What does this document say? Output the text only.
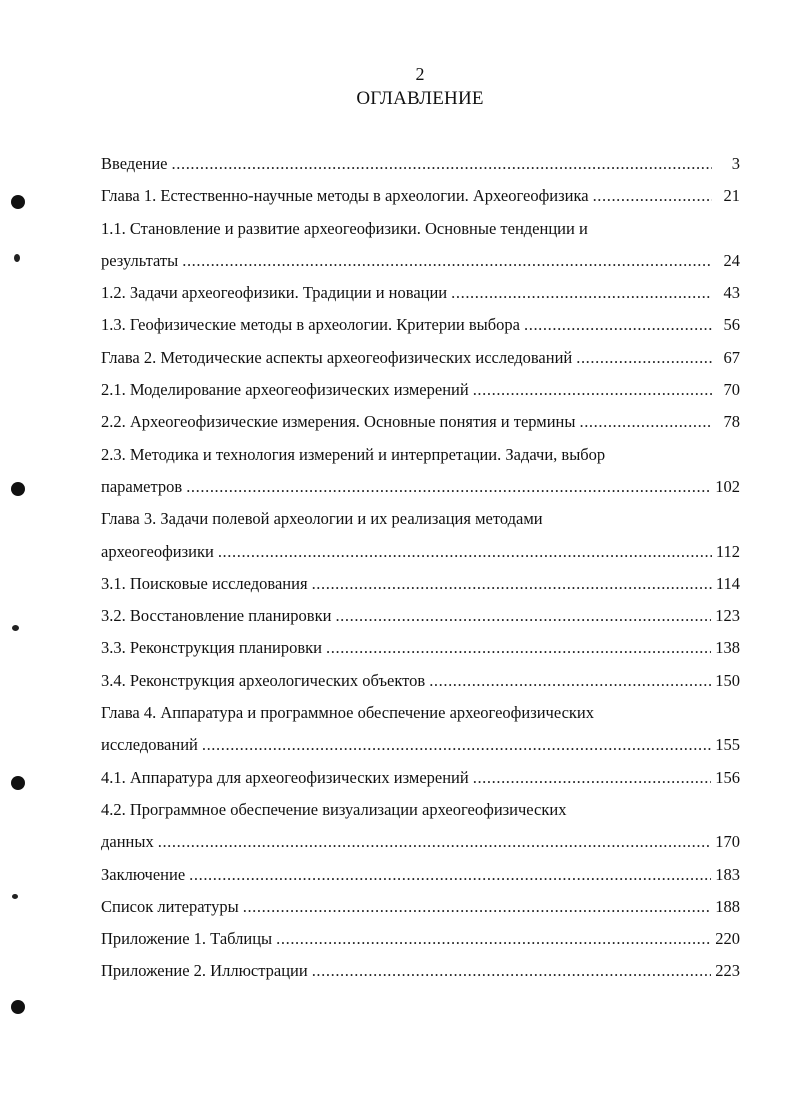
2
ОГЛАВЛЕНИЕ
Введение .....	3
Глава 1. Естественно-научные методы в археологии. Археогеофизика .....	21
1.1. Становление и развитие археогеофизики. Основные тенденции и
результаты .....	24
1.2. Задачи археогеофизики. Традиции и новации .....	43
1.3. Геофизические методы в археологии. Критерии выбора .....	56
Глава 2. Методические аспекты археогеофизических исследований .....	67
2.1. Моделирование археогеофизических измерений .....	70
2.2. Археогеофизические измерения. Основные понятия и термины .....	78
2.3. Методика и технология измерений и интерпретации. Задачи, выбор
параметров .....	102
Глава 3. Задачи полевой археологии и их реализация методами
археогеофизики .....	112
3.1. Поисковые исследования .....	114
3.2. Восстановление планировки .....	123
3.3. Реконструкция планировки .....	138
3.4. Реконструкция археологических объектов .....	150
Глава 4. Аппаратура и программное обеспечение археогеофизических
исследований .....	155
4.1. Аппаратура для археогеофизических измерений .....	156
4.2. Программное обеспечение визуализации археогеофизических
данных .....	170
Заключение .....	183
Список литературы .....	188
Приложение 1. Таблицы .....	220
Приложение 2. Иллюстрации .....	223
